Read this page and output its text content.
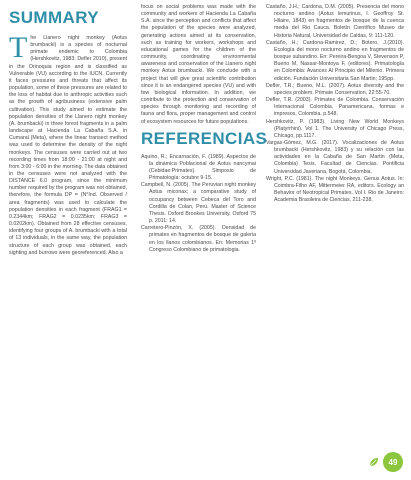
SUMMARY

The Llanero night monkey (Aotus brumbacki) is a species of nocturnal primate endemic to Colombia (Hershkovitz, 1983; Defler 2010), present in the Orinoquia region and is classified as Vulnerable (VU) according to the IUCN. Currently it faces pressures and threats that affect its population, some of these pressures are related to the loss of habitat due to anthropic activities such as the growth of agribusiness (extensive palm cultivation). This study aimed to estimate the population densities of the Llanero night monkey (A. brumbacki) in three forest fragments in a palm landscape at Hacienda La Cabaña S.A. in Cumaral (Meta), where the linear transect method was used to determine the density of the night monkeys. The censuses were carried out at two recording times from 18:00 - 21:00 at night and from 3:00 - 6:00 in the morning. The data obtained in the censuses were not analyzed with the DISTANCE 6.0 program, since the minimum number required by the program was not obtained, therefore, the formula DP = (N°Ind. Observed / area fragments) was used to calculate the population densities in each fragment (FRAG1 = 0.2344km; FRAG2 = 0.0235km; FRAG3 = 0.0202km). Obtained from 28 effective censuses, identifying four groups of A. brumbacki with a total of 13 individuals, in the same way, the population structure of each group was obtained, each sighting and burrows were georeferenced. Also a

focus on social problems was made with the community and workers of Hacienda La Cabaña S.A. since the perception and conflicts that affect the population of the species were analyzed, generating actions aimed at its conservation, such as training for workers, workshops and educational games for the children of the community, coordinating environmental awareness and conservation of the Llanero night monkey Aotus brumbacki. We conclude with a project that will give great scientific contribution since it is an endangered species (VU) and with few biological information. In addition, we contribute to the protection and conservation of species through monitoring and recording of fauna and flora, proper management and control of ecosystem resources for future populations.

REFERENCIAS

Aquino, R.; Encarnación, F. (1989). Aspectos de la dinámica Poblacional de Aotus nancymai (Cebidae:Primates). Simposio de Primatología: octubre 9-15.

Campbell, N. (2005). The Peruvian night monkey Aotus miconax; a comparative study of occupancy between Cebeca del Toro and Cordilla de Colan, Perú. Master of Science Thesis. Oxford Brookes University. Oxford 75 p. 2011: 14.

Carretero-Pinzón, X. (2005). Densidad de primates en fragmentos de bosque de galeria en los llanos colombianos. En: Memorias 1º Congreso Colombiano de primatologia.

Castaño, J.H.; Cardona, D.M. (2005). Presencia del mono nocturno andino (Aotus lemurinus, I. Geoffroy St. Hilaire, 1843) en fragmentos de bosque de la cuenca media del Rio Cauca. Boletín Científico Museo de Historia Natural, Universidad de Caldas, 9: 111-120.

Castaño, H.; Cardona-Ramirez, D.; Botero, J.(2010). Ecología del mono nocturno andino en fragmentos de bosque subandino. En: Pereira-Bengoa V, Stevenson P, Bueno M, Nassar-Montoya F, (editores). Primatología en Colombia: Avances Al Principio del Milenio. Primera edición. Fundación Universitaria San Martin; 195pp.

Defler, T.R.; Bueno, M.L. (2007). Aotus diversity and the species problem. Primate Conservation, 22:55-70.

Defler, T.R. (2003). Primates de Colombia. Conservación Internacional Colombia. Panamericana, formas e impresos, Colombia. p.548.

Hershkovitz, P. (1983). Living New World Monkeys (Platyrrhini). Vol 1. The University of Chicago Press, Chicago, pp.1117.

Vargas-Gómez, M.G. (2017). Vocalizaciones de Aotus brumbacki (Hershkovitz, 1983) y su relación con las actividades en la Cabaña de San Martin (Meta, Colombia) Tesis. Facultad de Ciencias. Pontificia Universidad Javeriana, Bogotá, Colombia.

Wright, P.C. (1981). The night Monkeys. Genus Aotus. In: Coimbra-Filho AF, Mittermeier RA, editors. Ecology an Behavior of Neotropical Primates. Vol I. Rio de Janeiro: Academia Brasileira de Ciencias. 211-238.

49
